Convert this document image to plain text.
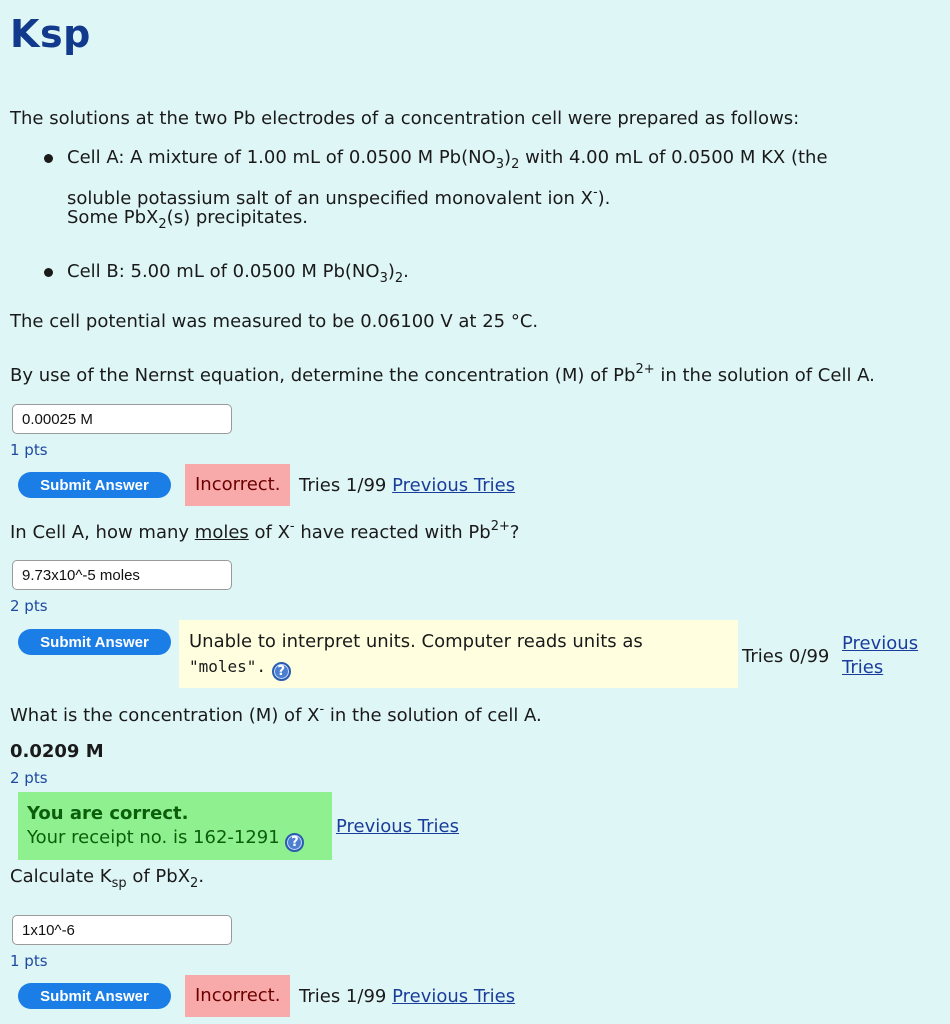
Ksp
The solutions at the two Pb electrodes of a concentration cell were prepared as follows:
Cell A: A mixture of 1.00 mL of 0.0500 M $Pb(NO_3)_2$ with 4.00 mL of 0.0500 M KX (the
soluble potassium salt of an unspecified monovalent ion X-).
Some PbX$_2$(s) precipitates.
Cell B: 5.00 mL of 0.0500 M $Pb(NO_3)_2$.
The cell potential was measured to be 0.06100 V at 25 °C.
By use of the Nernst equation, determine the concentration (M) of $Pb^{2+}$ in the solution of Cell A.
0.00025 M
1 pts
Submit Answer	Incorrect.	Tries 1/99 Previous Tries
In Cell A, how many moles of X- have reacted with $Pb^{2+}$?
9.73x10^-5 moles
2 pts
Submit Answer	Unable to interpret units. Computer reads units as
"moles". ?
Tries 0/99
Previous
Tries
What is the concentration (M) of X- in the solution of cell A.
0.0209 M
2 pts
You are correct.
Your receipt no. is 162-1291 ?
Previous Tries
Calculate $K_{sp}$ of PbX$_2$.
1x10^-6
1 pts
Submit Answer	Incorrect.	Tries 1/99 Previous Tries
